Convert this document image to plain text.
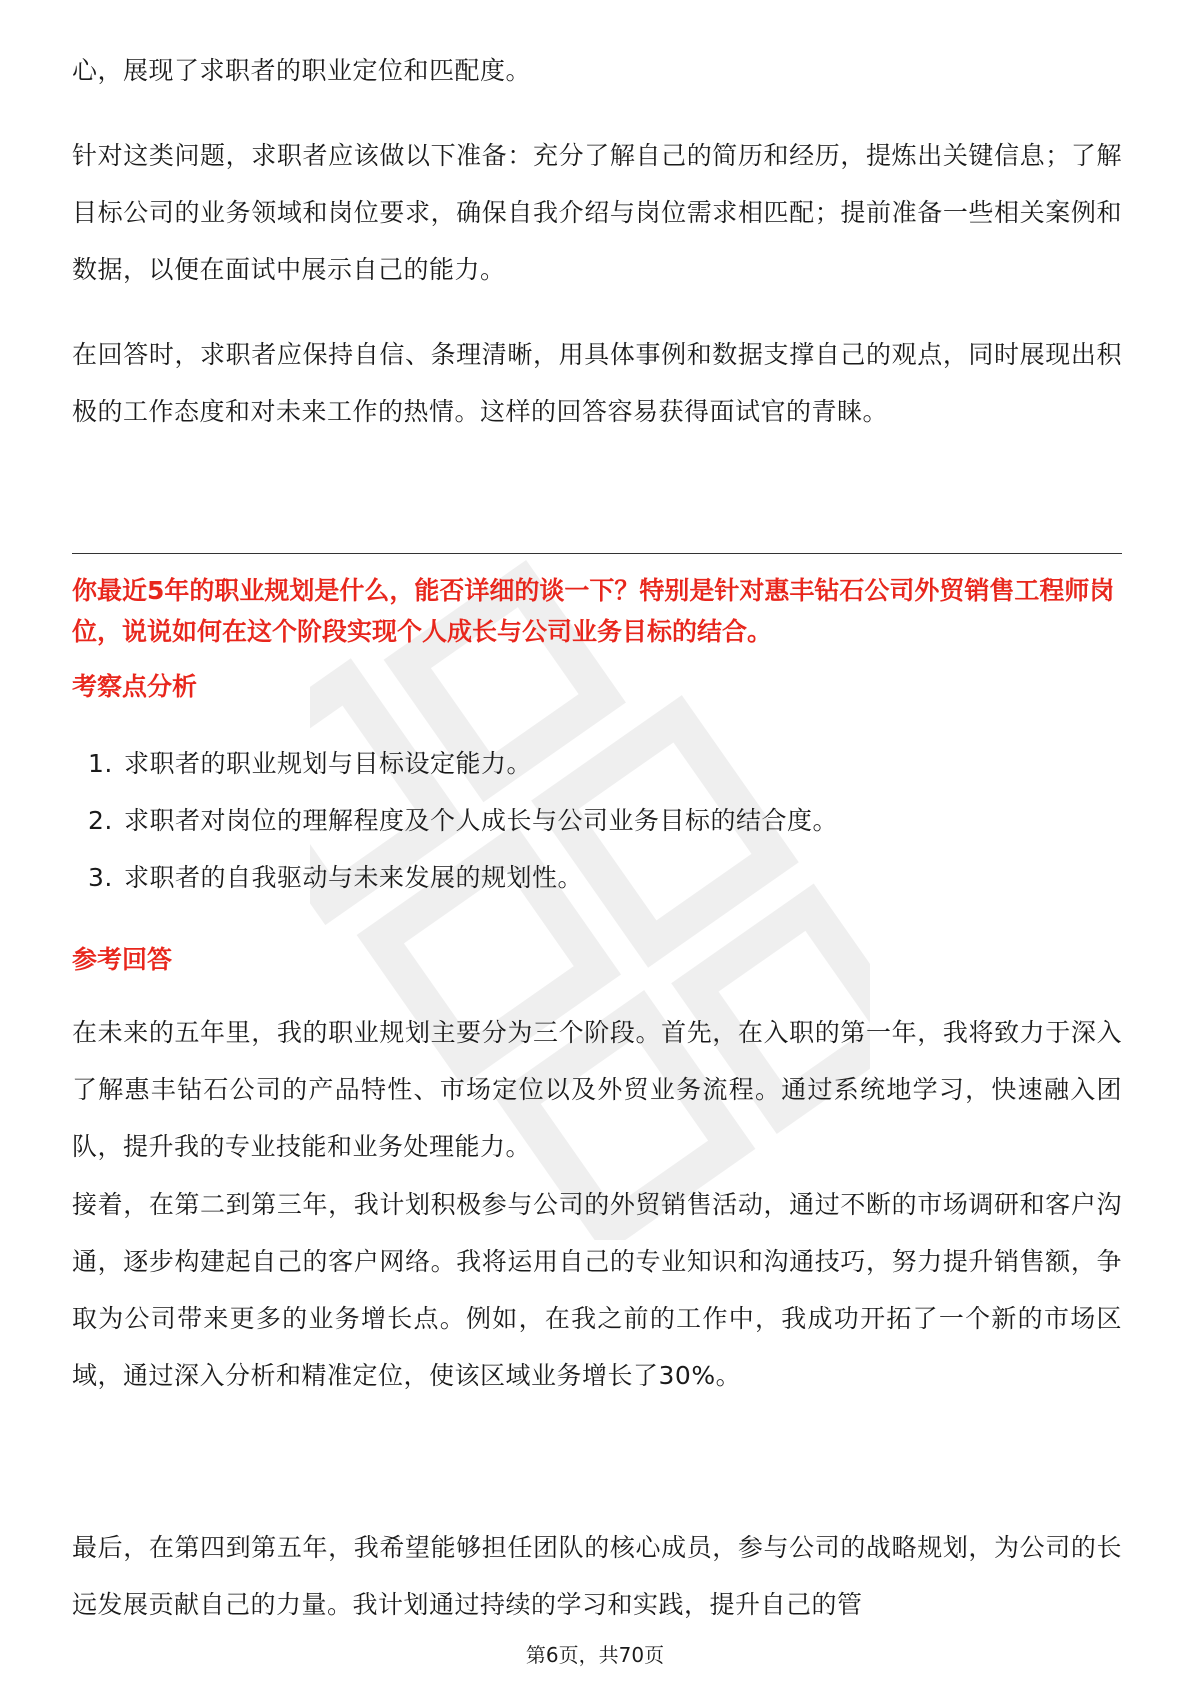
心，展现了求职者的职业定位和匹配度。

针对这类问题，求职者应该做以下准备：充分了解自己的简历和经历，提炼出关键信息；了解目标公司的业务领域和岗位要求，确保自我介绍与岗位需求相匹配；提前准备一些相关案例和数据，以便在面试中展示自己的能力。

在回答时，求职者应保持自信、条理清晰，用具体事例和数据支撑自己的观点，同时展现出积极的工作态度和对未来工作的热情。这样的回答容易获得面试官的青睐。

你最近5年的职业规划是什么，能否详细的谈一下？特别是针对惠丰钻石公司外贸销售工程师岗位，说说如何在这个阶段实现个人成长与公司业务目标的结合。

考察点分析

1. 求职者的职业规划与目标设定能力。
2. 求职者对岗位的理解程度及个人成长与公司业务目标的结合度。
3. 求职者的自我驱动与未来发展的规划性。

参考回答

在未来的五年里，我的职业规划主要分为三个阶段。首先，在入职的第一年，我将致力于深入了解惠丰钻石公司的产品特性、市场定位以及外贸业务流程。通过系统地学习，快速融入团队，提升我的专业技能和业务处理能力。

接着，在第二到第三年，我计划积极参与公司的外贸销售活动，通过不断的市场调研和客户沟通，逐步构建起自己的客户网络。我将运用自己的专业知识和沟通技巧，努力提升销售额，争取为公司带来更多的业务增长点。例如，在我之前的工作中，我成功开拓了一个新的市场区域，通过深入分析和精准定位，使该区域业务增长了30%。

最后，在第四到第五年，我希望能够担任团队的核心成员，参与公司的战略规划，为公司的长远发展贡献自己的力量。我计划通过持续的学习和实践，提升自己的管

第6页，共70页
